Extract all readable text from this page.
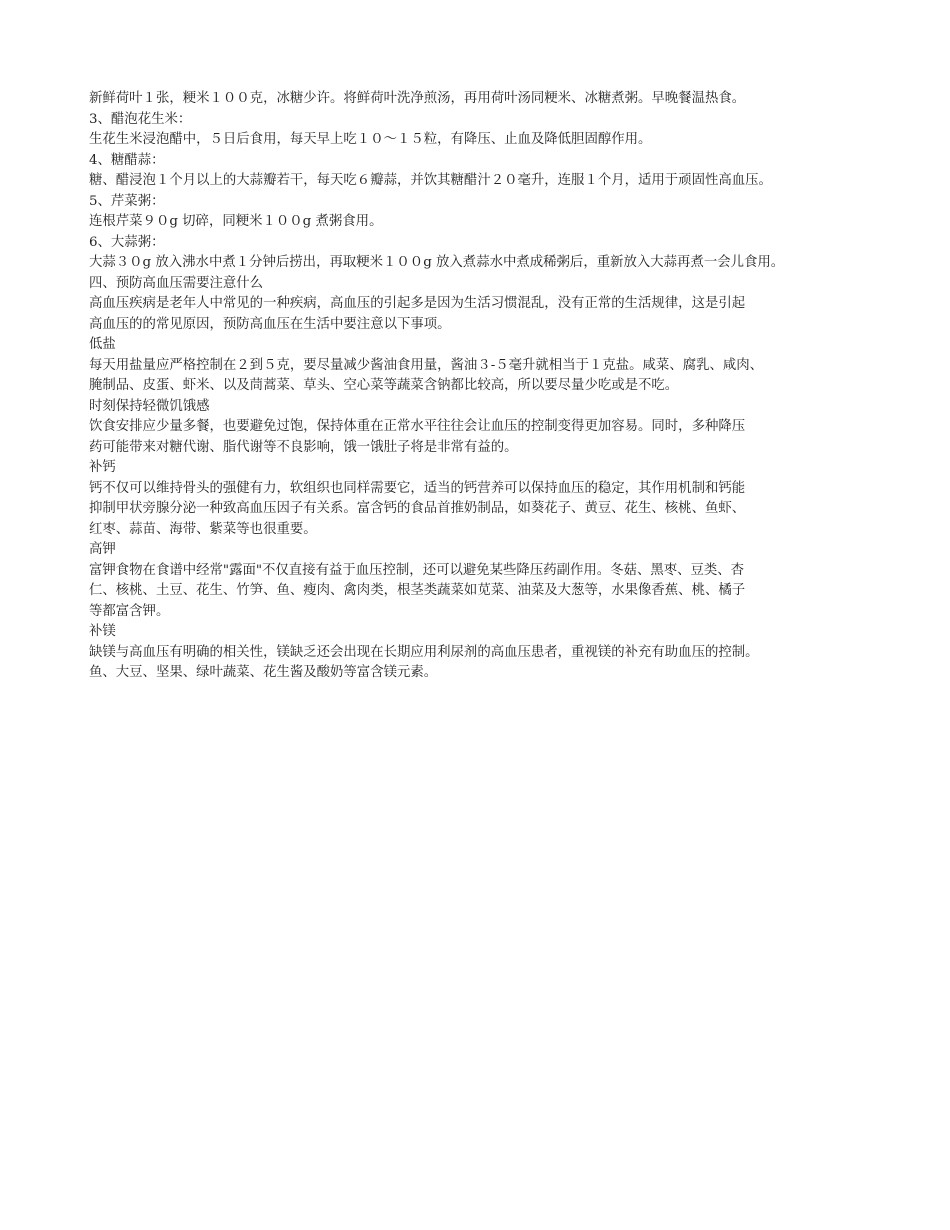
新鲜荷叶１张，粳米１００克，冰糖少许。将鲜荷叶洗净煎汤，再用荷叶汤同粳米、冰糖煮粥。早晚餐温热食。

3、醋泡花生米：

生花生米浸泡醋中，５日后食用，每天早上吃１０～１５粒，有降压、止血及降低胆固醇作用。

4、糖醋蒜：

糖、醋浸泡１个月以上的大蒜瓣若干，每天吃６瓣蒜，并饮其糖醋汁２０毫升，连服１个月，适用于顽固性高血压。

5、芹菜粥：

连根芹菜９０g 切碎，同粳米１００g 煮粥食用。

6、大蒜粥：

大蒜３０g 放入沸水中煮１分钟后捞出，再取粳米１００g 放入煮蒜水中煮成稀粥后，重新放入大蒜再煮一会儿食用。

四、预防高血压需要注意什么

高血压疾病是老年人中常见的一种疾病，高血压的引起多是因为生活习惯混乱，没有正常的生活规律，这是引起

高血压的的常见原因，预防高血压在生活中要注意以下事项。

低盐

每天用盐量应严格控制在２到５克，要尽量减少酱油食用量，酱油３-５毫升就相当于１克盐。咸菜、腐乳、咸肉、

腌制品、皮蛋、虾米、以及茼蒿菜、草头、空心菜等蔬菜含钠都比较高，所以要尽量少吃或是不吃。

时刻保持轻微饥饿感

饮食安排应少量多餐，也要避免过饱，保持体重在正常水平往往会让血压的控制变得更加容易。同时，多种降压

药可能带来对糖代谢、脂代谢等不良影响，饿一饿肚子将是非常有益的。

补钙

钙不仅可以维持骨头的强健有力，软组织也同样需要它，适当的钙营养可以保持血压的稳定，其作用机制和钙能

抑制甲状旁腺分泌一种致高血压因子有关系。富含钙的食品首推奶制品，如葵花子、黄豆、花生、核桃、鱼虾、

红枣、蒜苗、海带、紫菜等也很重要。

高钾

富钾食物在食谱中经常"露面"不仅直接有益于血压控制，还可以避免某些降压药副作用。冬菇、黑枣、豆类、杏

仁、核桃、土豆、花生、竹笋、鱼、瘦肉、禽肉类，根茎类蔬菜如苋菜、油菜及大葱等，水果像香蕉、桃、橘子

等都富含钾。

补镁

缺镁与高血压有明确的相关性，镁缺乏还会出现在长期应用利尿剂的高血压患者，重视镁的补充有助血压的控制。

鱼、大豆、坚果、绿叶蔬菜、花生酱及酸奶等富含镁元素。
